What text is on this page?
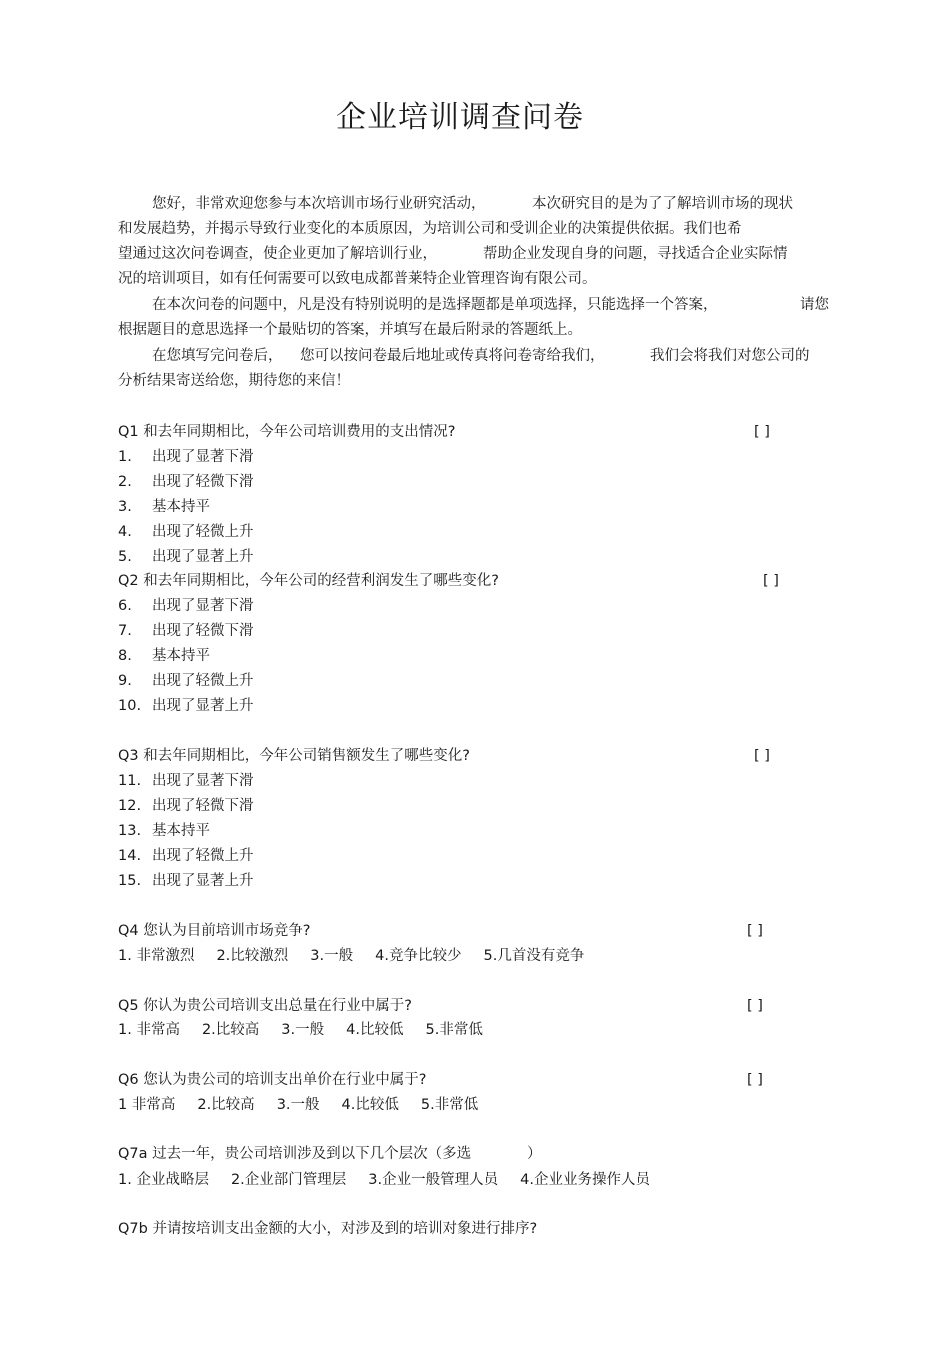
企业培训调查问卷
您好，非常欢迎您参与本次培训市场行业研究活动，	本次研究目的是为了了解培训市场的现状
和发展趋势，并揭示导致行业变化的本质原因，为培训公司和受训企业的决策提供依据。我们也希
望通过这次问卷调查，使企业更加了解培训行业，	帮助企业发现自身的问题，寻找适合企业实际情
况的培训项目，如有任何需要可以致电成都普莱特企业管理咨询有限公司。
在本次问卷的问题中，凡是没有特别说明的是选择题都是单项选择，只能选择一个答案，	请您
根据题目的意思选择一个最贴切的答案，并填写在最后附录的答题纸上。
在您填写完问卷后， 您可以按问卷最后地址或传真将问卷寄给我们，	我们会将我们对您公司的
分析结果寄送给您，期待您的来信！
Q1 和去年同期相比，今年公司培训费用的支出情况?	[ ]
1. 出现了显著下滑
2. 出现了轻微下滑
3. 基本持平
4. 出现了轻微上升
5. 出现了显著上升
Q2 和去年同期相比，今年公司的经营利润发生了哪些变化?	[ ]
6. 出现了显著下滑
7. 出现了轻微下滑
8. 基本持平
9. 出现了轻微上升
10. 出现了显著上升
Q3 和去年同期相比，今年公司销售额发生了哪些变化?	[ ]
11. 出现了显著下滑
12. 出现了轻微下滑
13. 基本持平
14. 出现了轻微上升
15. 出现了显著上升
Q4 您认为目前培训市场竞争?	[ ]
1. 非常激烈 2.比较激烈 3.一般 4.竞争比较少 5.几首没有竞争
Q5 你认为贵公司培训支出总量在行业中属于?	[ ]
1. 非常高 2.比较高 3.一般 4.比较低 5.非常低
Q6 您认为贵公司的培训支出单价在行业中属于?	[ ]
1 非常高 2.比较高 3.一般 4.比较低 5.非常低
Q7a 过去一年，贵公司培训涉及到以下几个层次（多选	）
1. 企业战略层 2.企业部门管理层 3.企业一般管理人员 4.企业业务操作人员
Q7b 并请按培训支出金额的大小，对涉及到的培训对象进行排序?
